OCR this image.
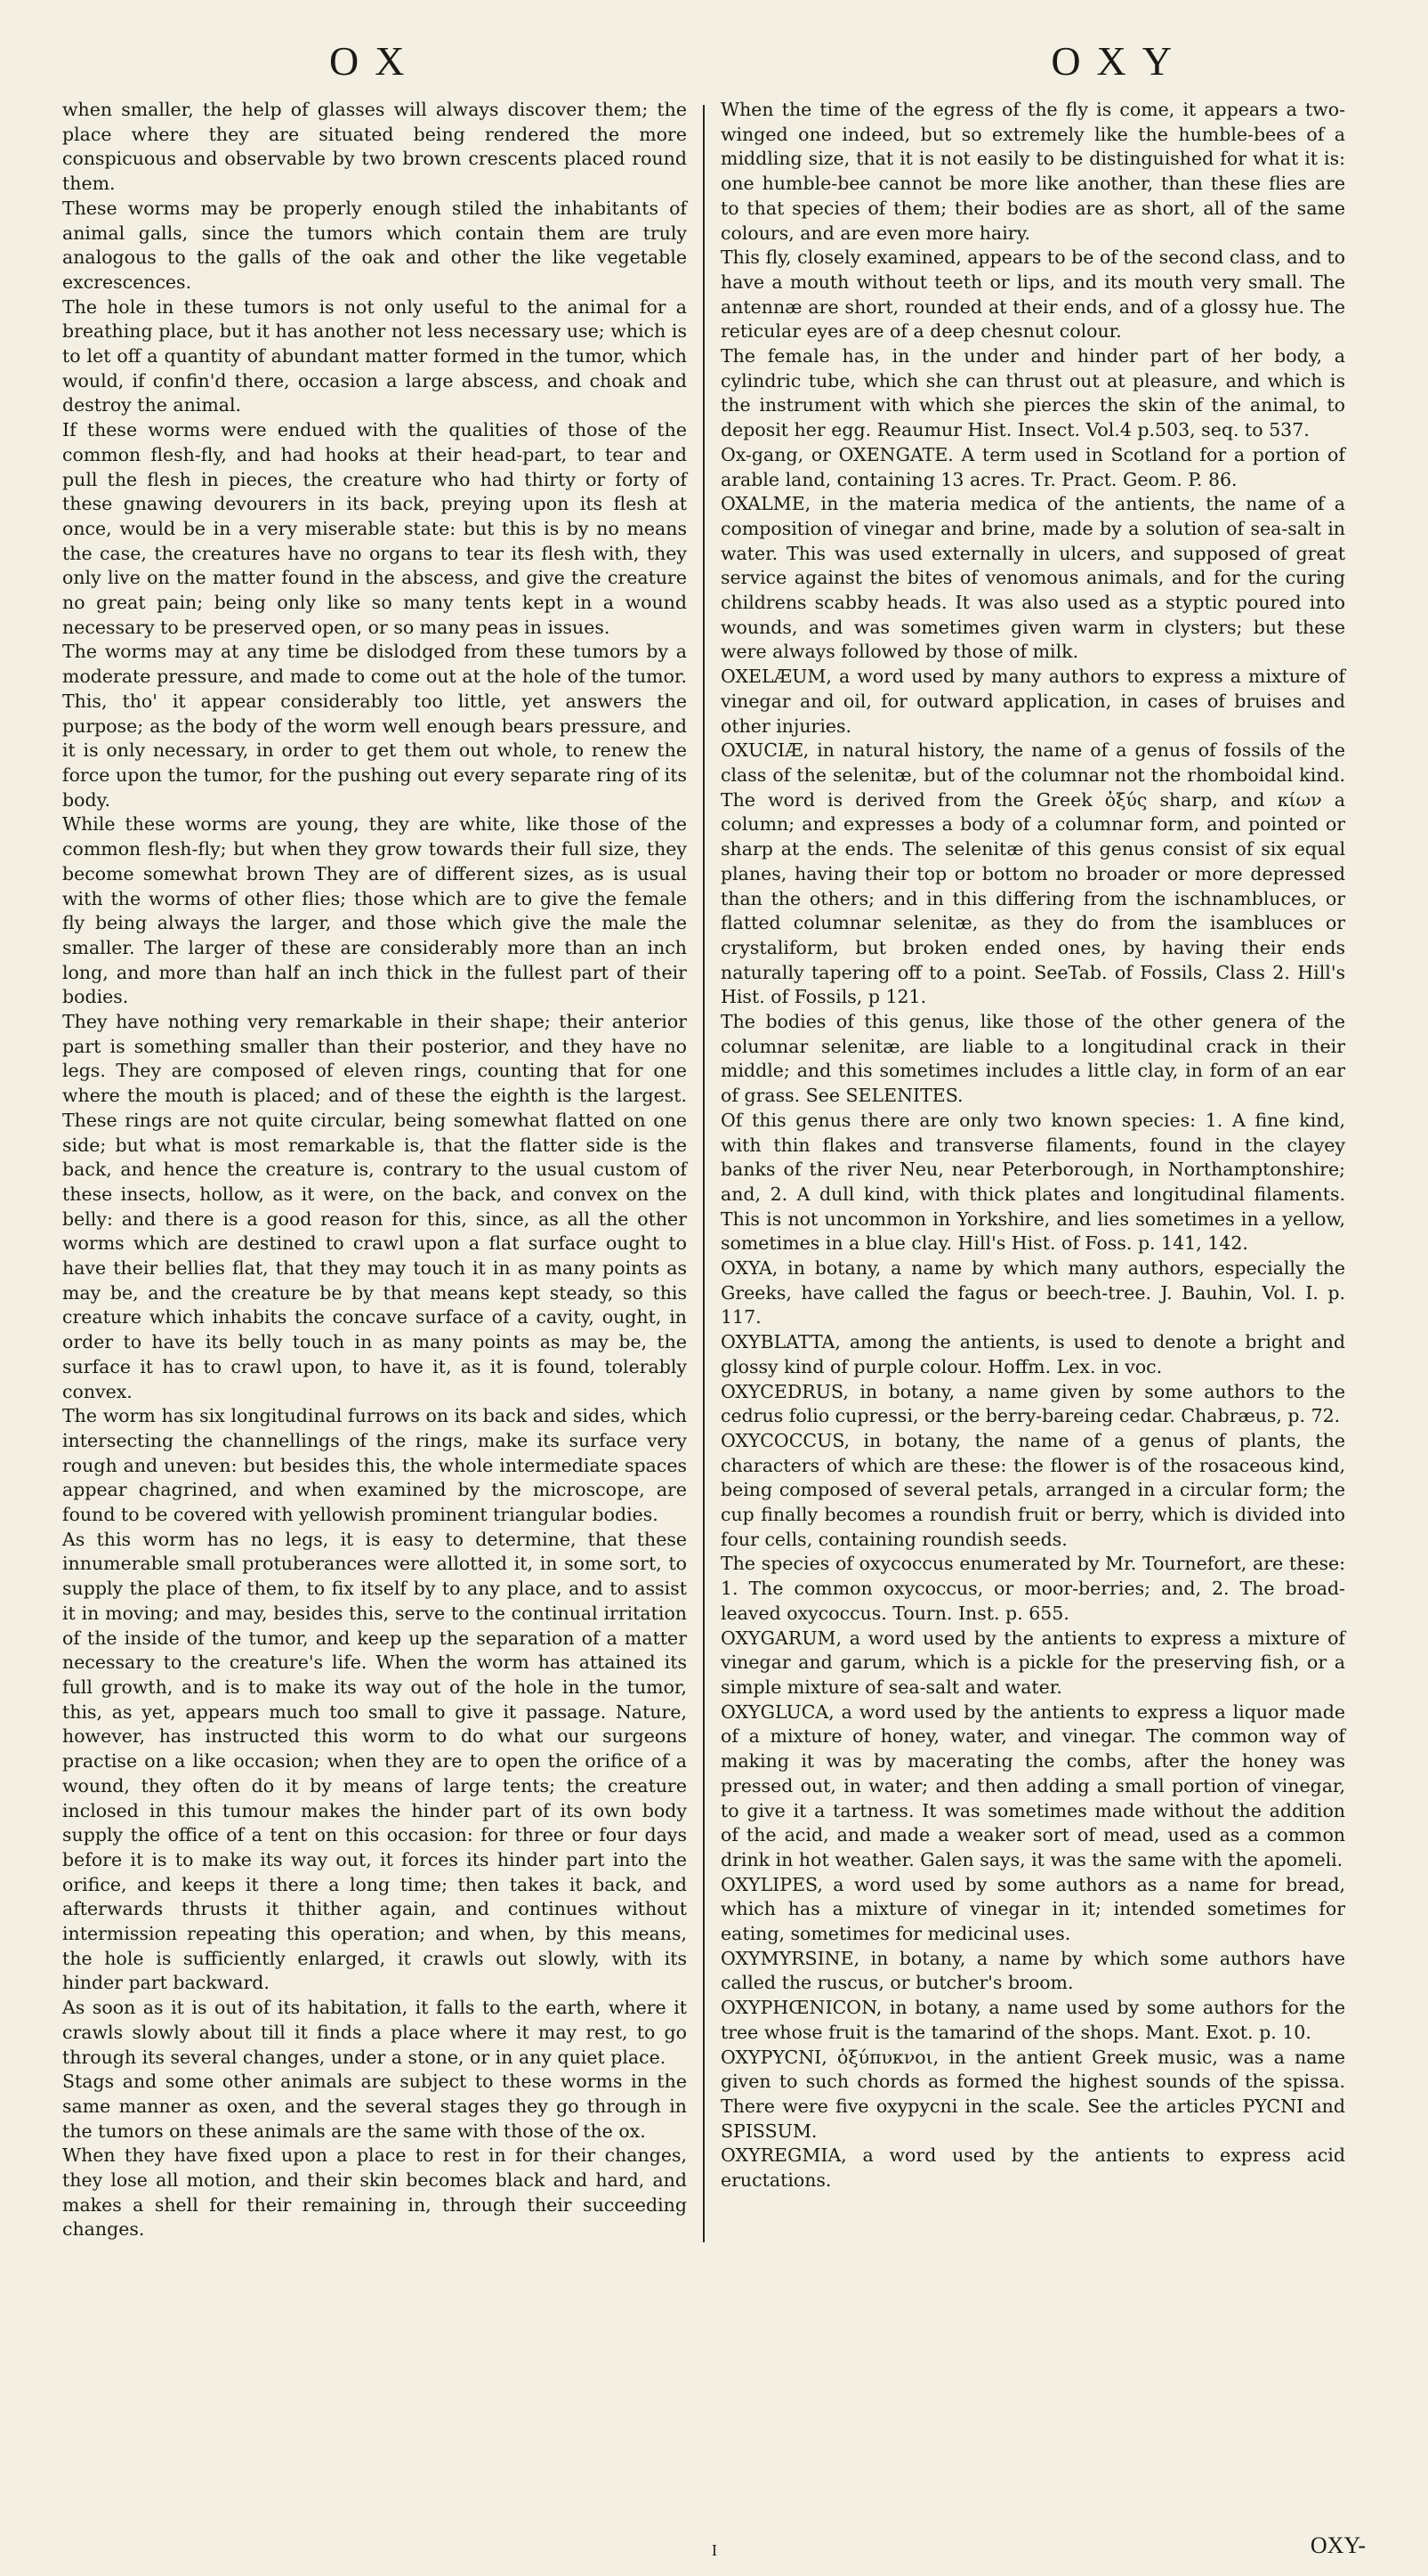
OX	OXY

when smaller, the help of glasses will always discover them; the place where they are situated being rendered the more conspicuous and observable by two brown crescents placed round them.

These worms may be properly enough stiled the inhabitants of animal galls, since the tumors which contain them are truly analogous to the galls of the oak and other the like vegetable excrescences.

The hole in these tumors is not only useful to the animal for a breathing place, but it has another not less necessary use; which is to let off a quantity of abundant matter formed in the tumor, which would, if confin'd there, occasion a large abscess, and choak and destroy the animal.

If these worms were endued with the qualities of those of the common flesh-fly, and had hooks at their head-part, to tear and pull the flesh in pieces, the creature who had thirty or forty of these gnawing devourers in its back, preying upon its flesh at once, would be in a very miserable state: but this is by no means the case, the creatures have no organs to tear its flesh with, they only live on the matter found in the abscess, and give the creature no great pain; being only like so many tents kept in a wound necessary to be preserved open, or so many peas in issues.

The worms may at any time be dislodged from these tumors by a moderate pressure, and made to come out at the hole of the tumor. This, tho' it appear considerably too little, yet answers the purpose; as the body of the worm well enough bears pressure, and it is only necessary, in order to get them out whole, to renew the force upon the tumor, for the pushing out every separate ring of its body.

While these worms are young, they are white, like those of the common flesh-fly; but when they grow towards their full size, they become somewhat brown They are of different sizes, as is usual with the worms of other flies; those which are to give the female fly being always the larger, and those which give the male the smaller. The larger of these are considerably more than an inch long, and more than half an inch thick in the fullest part of their bodies.

They have nothing very remarkable in their shape; their anterior part is something smaller than their posterior, and they have no legs. They are composed of eleven rings, counting that for one where the mouth is placed; and of these the eighth is the largest. These rings are not quite circular, being somewhat flatted on one side; but what is most remarkable is, that the flatter side is the back, and hence the creature is, contrary to the usual custom of these insects, hollow, as it were, on the back, and convex on the belly: and there is a good reason for this, since, as all the other worms which are destined to crawl upon a flat surface ought to have their bellies flat, that they may touch it in as many points as may be, and the creature be by that means kept steady, so this creature which inhabits the concave surface of a cavity, ought, in order to have its belly touch in as many points as may be, the surface it has to crawl upon, to have it, as it is found, tolerably convex.

The worm has six longitudinal furrows on its back and sides, which intersecting the channellings of the rings, make its surface very rough and uneven: but besides this, the whole intermediate spaces appear chagrined, and when examined by the microscope, are found to be covered with yellowish prominent triangular bodies.

As this worm has no legs, it is easy to determine, that these innumerable small protuberances were allotted it, in some sort, to supply the place of them, to fix itself by to any place, and to assist it in moving; and may, besides this, serve to the continual irritation of the inside of the tumor, and keep up the separation of a matter necessary to the creature's life. When the worm has attained its full growth, and is to make its way out of the hole in the tumor, this, as yet, appears much too small to give it passage. Nature, however, has instructed this worm to do what our surgeons practise on a like occasion; when they are to open the orifice of a wound, they often do it by means of large tents; the creature inclosed in this tumour makes the hinder part of its own body supply the office of a tent on this occasion: for three or four days before it is to make its way out, it forces its hinder part into the orifice, and keeps it there a long time; then takes it back, and afterwards thrusts it thither again, and continues without intermission repeating this operation; and when, by this means, the hole is sufficiently enlarged, it crawls out slowly, with its hinder part backward.

As soon as it is out of its habitation, it falls to the earth, where it crawls slowly about till it finds a place where it may rest, to go through its several changes, under a stone, or in any quiet place.

Stags and some other animals are subject to these worms in the same manner as oxen, and the several stages they go through in the tumors on these animals are the same with those of the ox.

When they have fixed upon a place to rest in for their changes, they lose all motion, and their skin becomes black and hard, and makes a shell for their remaining in, through their succeeding changes.

When the time of the egress of the fly is come, it appears a two-winged one indeed, but so extremely like the humble-bees of a middling size, that it is not easily to be distinguished for what it is: one humble-bee cannot be more like another, than these flies are to that species of them; their bodies are as short, all of the same colours, and are even more hairy.

This fly, closely examined, appears to be of the second class, and to have a mouth without teeth or lips, and its mouth very small. The antennæ are short, rounded at their ends, and of a glossy hue. The reticular eyes are of a deep chesnut colour.

The female has, in the under and hinder part of her body, a cylindric tube, which she can thrust out at pleasure, and which is the instrument with which she pierces the skin of the animal, to deposit her egg. Reaumur Hist. Insect. Vol.4 p.503, seq. to 537.

Ox-gang, or OXENGATE. A term used in Scotland for a portion of arable land, containing 13 acres. Tr. Pract. Geom. P. 86.

OXALME, in the materia medica of the antients, the name of a composition of vinegar and brine, made by a solution of sea-salt in water. This was used externally in ulcers, and supposed of great service against the bites of venomous animals, and for the curing childrens scabby heads. It was also used as a styptic poured into wounds, and was sometimes given warm in clysters; but these were always followed by those of milk.

OXELÆUM, a word used by many authors to express a mixture of vinegar and oil, for outward application, in cases of bruises and other injuries.

OXUCIÆ, in natural history, the name of a genus of fossils of the class of the selenitæ, but of the columnar not the rhomboidal kind. The word is derived from the Greek ὀξύς sharp, and κίων a column; and expresses a body of a columnar form, and pointed or sharp at the ends. The selenitæ of this genus consist of six equal planes, having their top or bottom no broader or more depressed than the others; and in this differing from the ischnambluces, or flatted columnar selenitæ, as they do from the isambluces or crystaliform, but broken ended ones, by having their ends naturally tapering off to a point. SeeTab. of Fossils, Class 2. Hill's Hist. of Fossils, p 121.

The bodies of this genus, like those of the other genera of the columnar selenitæ, are liable to a longitudinal crack in their middle; and this sometimes includes a little clay, in form of an ear of grass. See SELENITES.

Of this genus there are only two known species: 1. A fine kind, with thin flakes and transverse filaments, found in the clayey banks of the river Neu, near Peterborough, in Northamptonshire; and, 2. A dull kind, with thick plates and longitudinal filaments. This is not uncommon in Yorkshire, and lies sometimes in a yellow, sometimes in a blue clay. Hill's Hist. of Foss. p. 141, 142.

OXYA, in botany, a name by which many authors, especially the Greeks, have called the fagus or beech-tree. J. Bauhin, Vol. I. p. 117.

OXYBLATTA, among the antients, is used to denote a bright and glossy kind of purple colour. Hoffm. Lex. in voc.

OXYCEDRUS, in botany, a name given by some authors to the cedrus folio cupressi, or the berry-bareing cedar. Chabræus, p. 72.

OXYCOCCUS, in botany, the name of a genus of plants, the characters of which are these: the flower is of the rosaceous kind, being composed of several petals, arranged in a circular form; the cup finally becomes a roundish fruit or berry, which is divided into four cells, containing roundish seeds.

The species of oxycoccus enumerated by Mr. Tournefort, are these: 1. The common oxycoccus, or moor-berries; and, 2. The broad-leaved oxycoccus. Tourn. Inst. p. 655.

OXYGARUM, a word used by the antients to express a mixture of vinegar and garum, which is a pickle for the preserving fish, or a simple mixture of sea-salt and water.

OXYGLUCA, a word used by the antients to express a liquor made of a mixture of honey, water, and vinegar. The common way of making it was by macerating the combs, after the honey was pressed out, in water; and then adding a small portion of vinegar, to give it a tartness. It was sometimes made without the addition of the acid, and made a weaker sort of mead, used as a common drink in hot weather. Galen says, it was the same with the apomeli.

OXYLIPES, a word used by some authors as a name for bread, which has a mixture of vinegar in it; intended sometimes for eating, sometimes for medicinal uses.

OXYMYRSINE, in botany, a name by which some authors have called the ruscus, or butcher's broom.

OXYPHŒNICON, in botany, a name used by some authors for the tree whose fruit is the tamarind of the shops. Mant. Exot. p. 10.

OXYPYCNI, ὀξύπυκνοι, in the antient Greek music, was a name given to such chords as formed the highest sounds of the spissa. There were five oxypycni in the scale. See the articles PYCNI and SPISSUM.

OXYREGMIA, a word used by the antients to express acid eructations.

I	OXY-
